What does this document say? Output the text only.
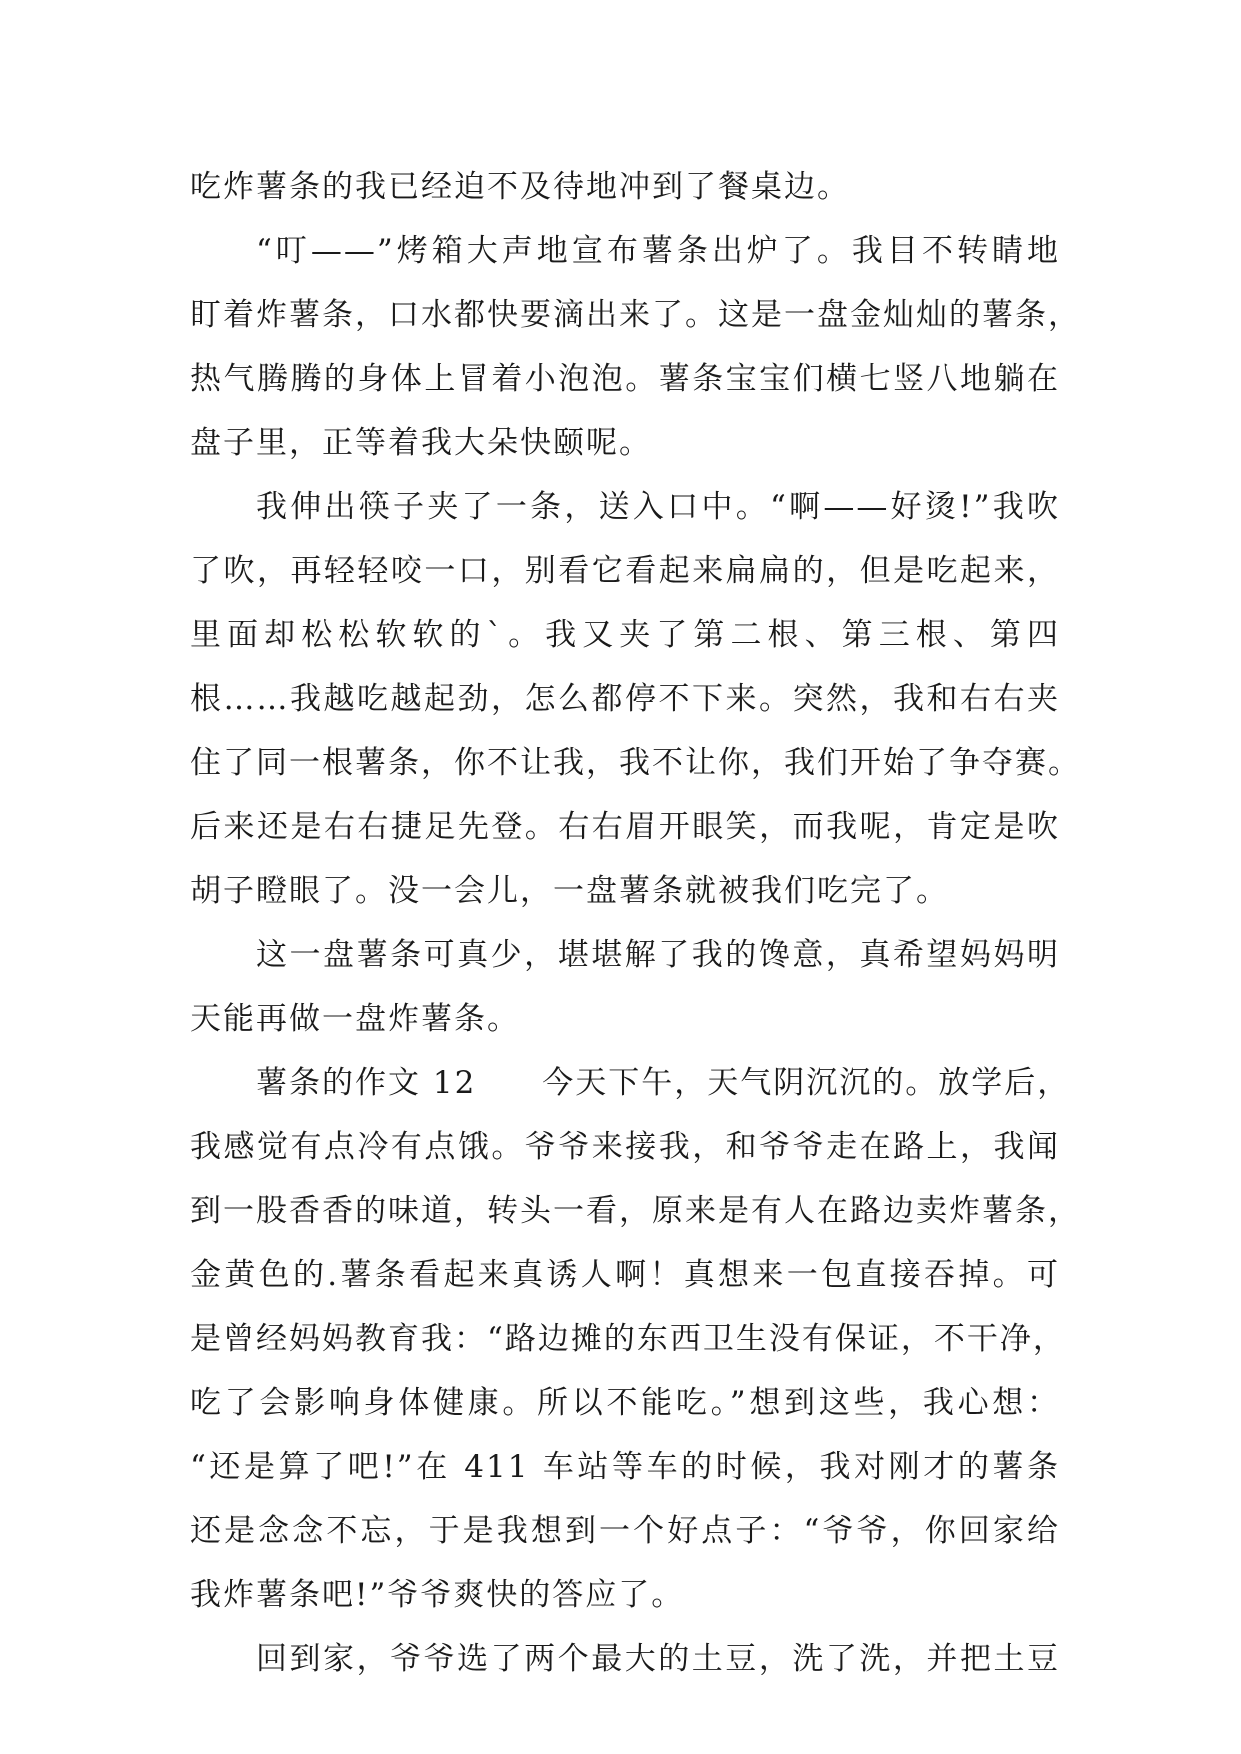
吃炸薯条的我已经迫不及待地冲到了餐桌边。
“叮——”烤箱大声地宣布薯条出炉了。我目不转睛地
盯着炸薯条，口水都快要滴出来了。这是一盘金灿灿的薯条，
热气腾腾的身体上冒着小泡泡。薯条宝宝们横七竖八地躺在
盘子里，正等着我大朵快颐呢。
我伸出筷子夹了一条，送入口中。“啊——好烫!”我吹
了吹，再轻轻咬一口，别看它看起来扁扁的，但是吃起来，
里面却松松软软的`。我又夹了第二根、第三根、第四
根……我越吃越起劲，怎么都停不下来。突然，我和右右夹
住了同一根薯条，你不让我，我不让你，我们开始了争夺赛。
后来还是右右捷足先登。右右眉开眼笑，而我呢，肯定是吹
胡子瞪眼了。没一会儿，一盘薯条就被我们吃完了。
这一盘薯条可真少，堪堪解了我的馋意，真希望妈妈明
天能再做一盘炸薯条。
薯条的作文 12　　今天下午，天气阴沉沉的。放学后，
我感觉有点冷有点饿。爷爷来接我，和爷爷走在路上，我闻
到一股香香的味道，转头一看，原来是有人在路边卖炸薯条，
金黄色的.薯条看起来真诱人啊！真想来一包直接吞掉。可
是曾经妈妈教育我：“路边摊的东西卫生没有保证，不干净，
吃了会影响身体健康。所以不能吃。”想到这些，我心想：
“还是算了吧!”在 411 车站等车的时候，我对刚才的薯条
还是念念不忘，于是我想到一个好点子：“爷爷，你回家给
我炸薯条吧!”爷爷爽快的答应了。
回到家，爷爷选了两个最大的土豆，洗了洗，并把土豆
